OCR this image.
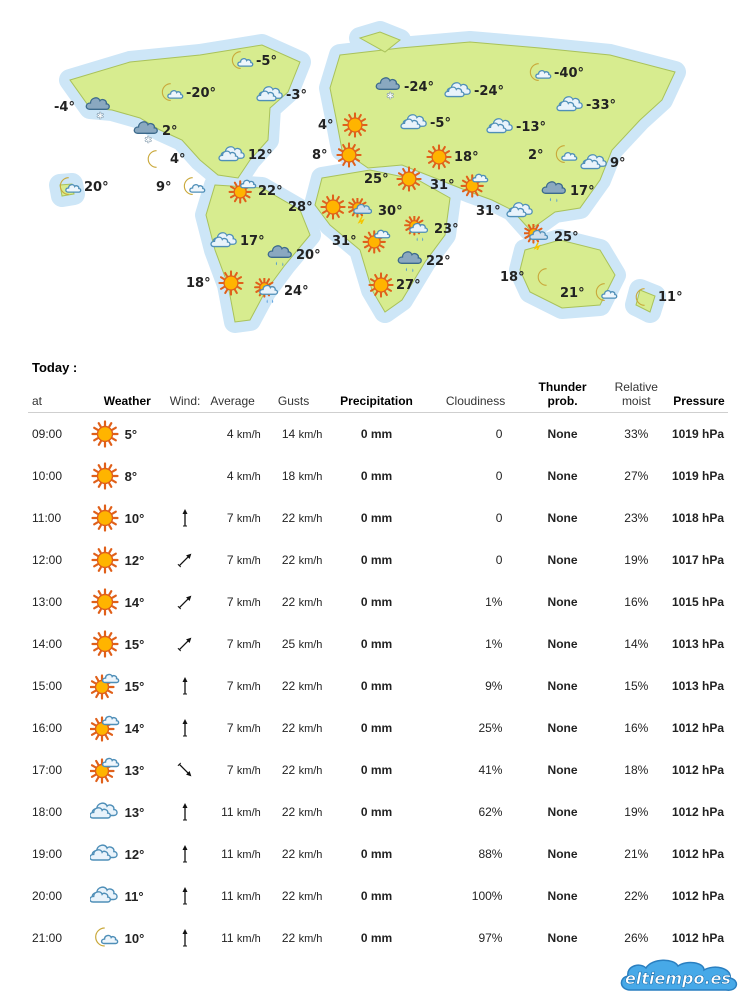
-5°
-20°	-3°
✱
-4°
✱
2°
4°	12°
20°	9°	22°
17°
20°
18°
24°
✱
-24°	-24°
-40°
4°	-5°	-13°
-33°
8°	18°
25°	31°
2°
9°
17°
28°	30°	31°
25°
23°
31°
22°
27°
18°
21°	11°
Today :
at	Weather		Wind:	Average	Gusts	Precipitation	Cloudiness	Thunder prob.	Relative moist	Pressure
09:00		5°		4 km/h	14 km/h	0 mm	0	None	33%	1019 hPa
10:00		8°		4 km/h	18 km/h	0 mm	0	None	27%	1019 hPa
11:00		10°		7 km/h	22 km/h	0 mm	0	None	23%	1018 hPa
12:00		12°		7 km/h	22 km/h	0 mm	0	None	19%	1017 hPa
13:00		14°		7 km/h	22 km/h	0 mm	1%	None	16%	1015 hPa
14:00		15°		7 km/h	25 km/h	0 mm	1%	None	14%	1013 hPa
15:00		15°		7 km/h	22 km/h	0 mm	9%	None	15%	1013 hPa
16:00		14°		7 km/h	22 km/h	0 mm	25%	None	16%	1012 hPa
17:00		13°		7 km/h	22 km/h	0 mm	41%	None	18%	1012 hPa
18:00		13°		11 km/h	22 km/h	0 mm	62%	None	19%	1012 hPa
19:00		12°		11 km/h	22 km/h	0 mm	88%	None	21%	1012 hPa
20:00		11°		11 km/h	22 km/h	0 mm	100%	None	22%	1012 hPa
21:00		10°		11 km/h	22 km/h	0 mm	97%	None	26%	1012 hPa
eltiempo.es
